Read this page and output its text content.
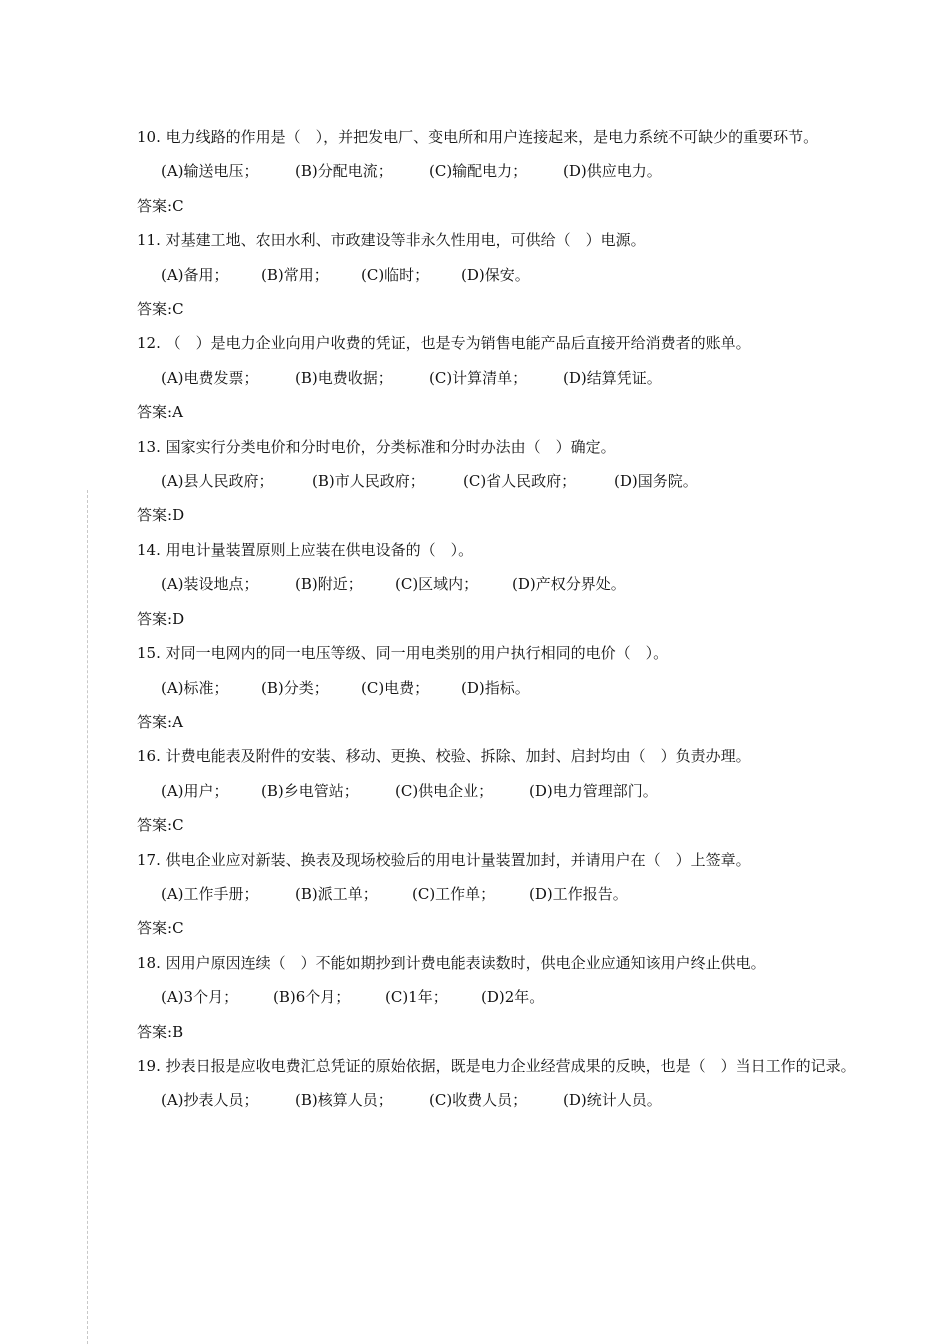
10. 电力线路的作用是（　），并把发电厂、变电所和用户连接起来，是电力系统不可缺少的重要环节。

(A)输送电压； (B)分配电流； (C)输配电力； (D)供应电力。

答案:C

11. 对基建工地、农田水利、市政建设等非永久性用电，可供给（　）电源。

(A)备用； (B)常用； (C)临时； (D)保安。

答案:C

12. （　）是电力企业向用户收费的凭证，也是专为销售电能产品后直接开给消费者的账单。

(A)电费发票； (B)电费收据； (C)计算清单； (D)结算凭证。

答案:A

13. 国家实行分类电价和分时电价，分类标准和分时办法由（　）确定。

(A)县人民政府；	(B)市人民政府；	(C)省人民政府；	(D)国务院。

答案:D

14. 用电计量装置原则上应装在供电设备的（　）。

(A)装设地点； (B)附近； (C)区域内； (D)产权分界处。

答案:D

15. 对同一电网内的同一电压等级、同一用电类别的用户执行相同的电价（　）。

(A)标准； (B)分类； (C)电费； (D)指标。

答案:A

16. 计费电能表及附件的安装、移动、更换、校验、拆除、加封、启封均由（　）负责办理。

(A)用户； (B)乡电管站； (C)供电企业； (D)电力管理部门。

答案:C

17. 供电企业应对新装、换表及现场校验后的用电计量装置加封，并请用户在（　）上签章。

(A)工作手册； (B)派工单； (C)工作单； (D)工作报告。

答案:C

18. 因用户原因连续（　）不能如期抄到计费电能表读数时，供电企业应通知该用户终止供电。

(A)3个月； (B)6个月； (C)1年； (D)2年。

答案:B

19. 抄表日报是应收电费汇总凭证的原始依据，既是电力企业经营成果的反映，也是（　）当日工作的记录。

(A)抄表人员； (B)核算人员； (C)收费人员； (D)统计人员。
